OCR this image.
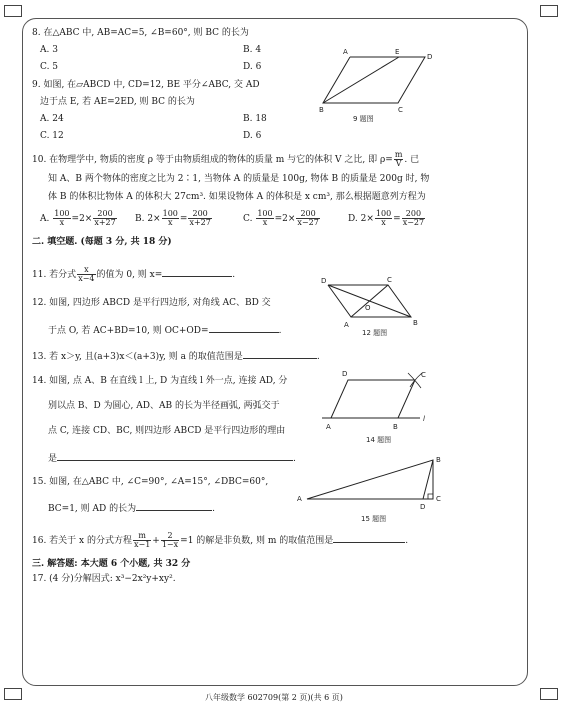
8. 在△ABC 中, AB=AC=5, ∠B=60°, 则 BC 的长为
A. 3	B. 4
C. 5	D. 6
9. 如图, 在▱ABCD 中, CD=12, BE 平分∠ABC, 交 AD
边于点 E, 若 AE=2ED, 则 BC 的长为
A. 24	B. 18
C. 12	D. 6
A	E
D
B	C
9 题图
10. 在物理学中, 物质的密度 ρ 等于由物质组成的物体的质量 m 与它的体积 V 之比, 即 $\rho= \frac{m}{V}$ . 已
知 A、B 两个物体的密度之比为 2∶1, 当物体 A 的质量是 100g, 物体 B 的质量是 200g 时, 物
体 B 的体积比物体 A 的体积大 27cm³. 如果设物体 A 的体积是 x cm³, 那么根据题意列方程为
A. $\frac{100}{x} =2\times \frac{200}{x+27} B$. $2\times \frac{100}{x} = \frac{200}{x+27}$	C. $\frac{100}{x} =2\times \frac{200}{x-27}$	D. $2\times \frac{100}{x} = \frac{200}{x-27}$
二. 填空题. (每题 3 分, 共 18 分)
11. 若分式 $\frac{x}{x-4}$ 的值为 0, 则 x=	.
12. 如图, 四边形 ABCD 是平行四边形, 对角线 AC、BD 交
于点 O, 若 AC+BD=10, 则 OC+OD=	.
D	C
O
A	B
12 题图
13. 若 x＞y, 且(a+3)x＜(a+3)y, 则 a 的取值范围是	.
14. 如图, 点 A、B 在直线 l 上, D 为直线 l 外一点, 连接 AD, 分
别以点 B、D 为圆心, AD、AB 的长为半径画弧, 两弧交于
点 C, 连接 CD、BC, 则四边形 ABCD 是平行四边形的理由
是	.
D	C
A	B
l
14 题图
15. 如图, 在△ABC 中, ∠C=90°, ∠A=15°, ∠DBC=60°,
BC=1, 则 AD 的长为	.
B
A
D
C
15 题图
16. 若关于 x 的分式方程 $\frac{m}{x-1} + \frac{2}{1-x} =1$ 的解是非负数, 则 m 的取值范围是	.
三. 解答题: 本大题 6 个小题, 共 32 分
17. (4 分)分解因式: x³−2x²y+xy².
八年级数学 602709(第 2 页)(共 6 页)
